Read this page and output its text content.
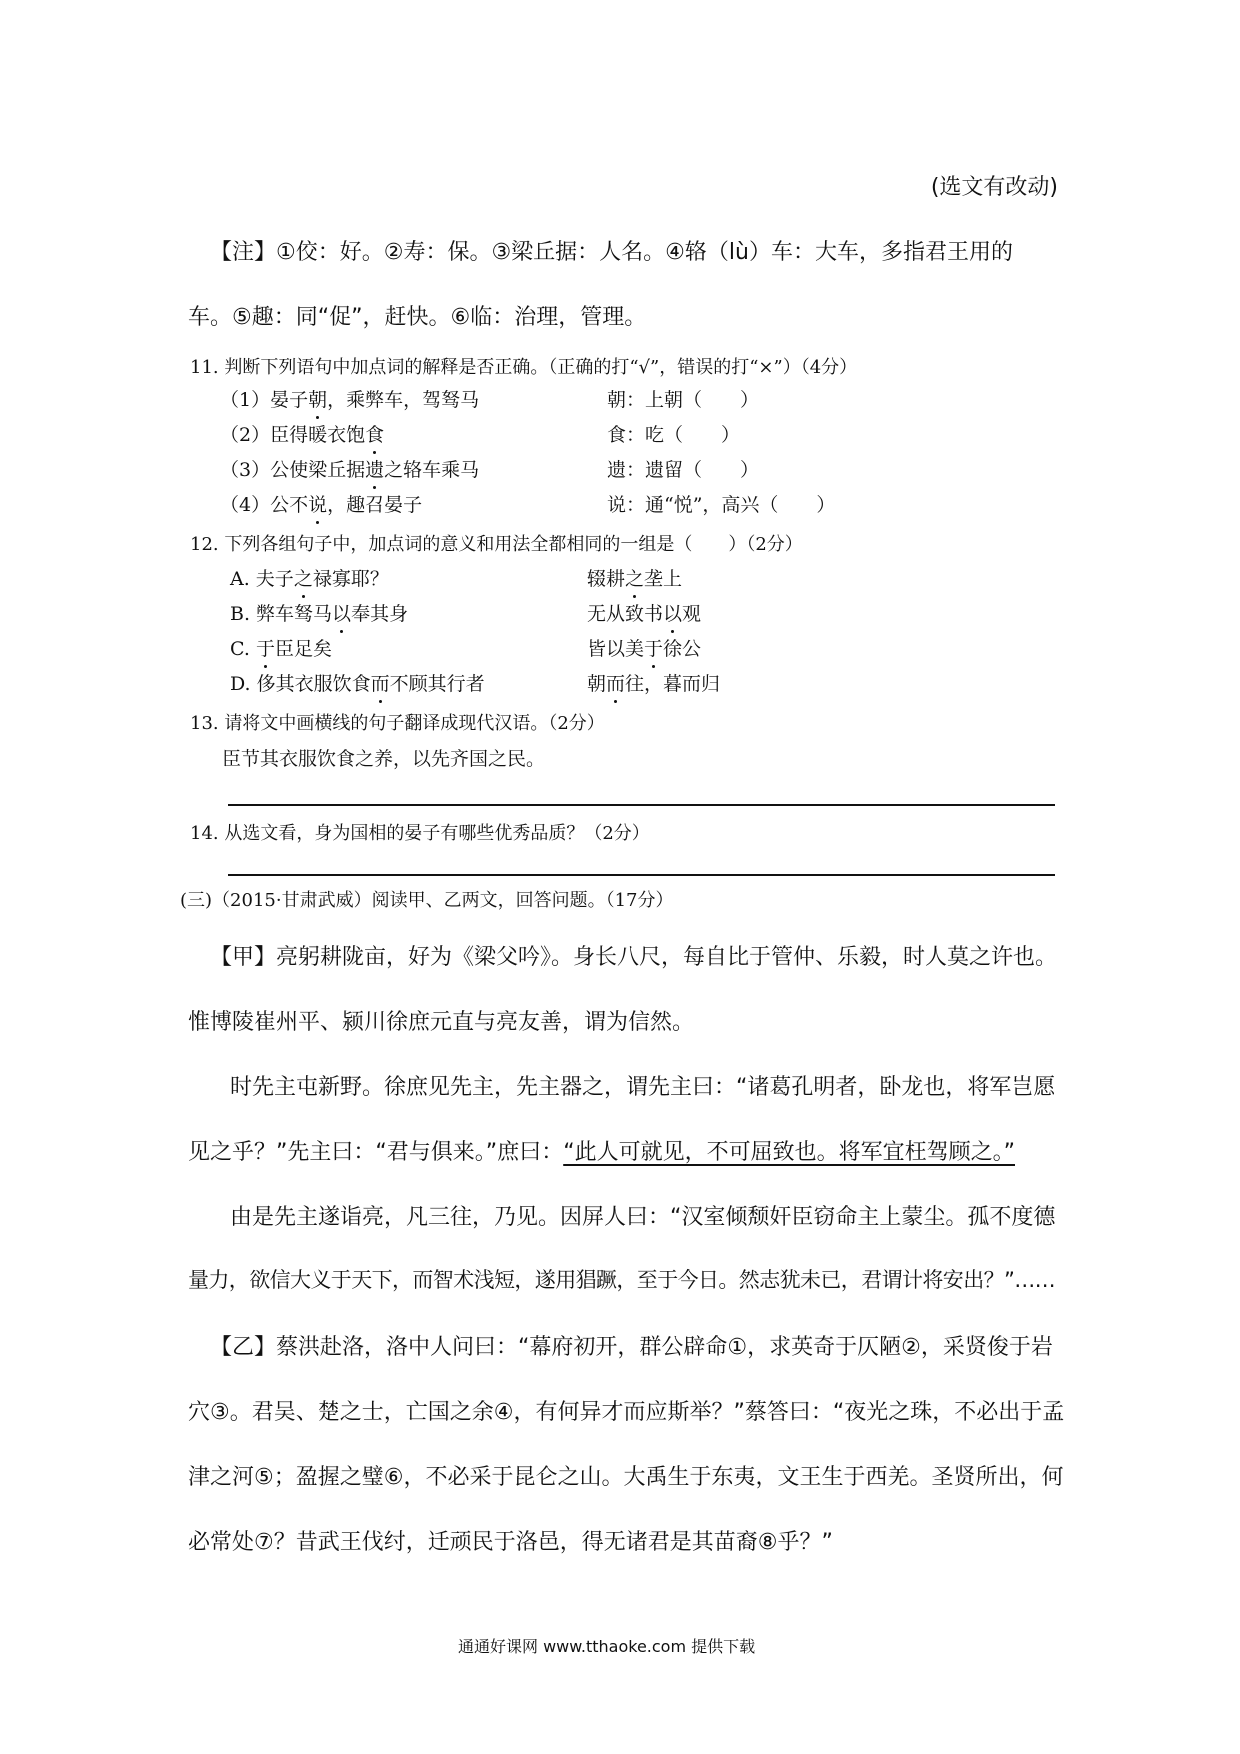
(选文有改动)
【注】①佼：好。②寿：保。③梁丘据：人名。④辂（lù）车：大车，多指君王用的
车。⑤趣：同“促”，赶快。⑥临：治理，管理。
11. 判断下列语句中加点词的解释是否正确。（正确的打“√”，错误的打“×”）（4分）
（1）晏子朝，乘弊车，驾驽马	朝：上朝（　　）
（2）臣得暖衣饱食	食：吃（　　）
（3）公使梁丘据遗之辂车乘马	遗：遗留（　　）
（4）公不说，趣召晏子	说：通“悦”，高兴（　　）
12. 下列各组句子中，加点词的意义和用法全都相同的一组是（　　）（2分）
A. 夫子之禄寡耶？	辍耕之垄上
B. 弊车驽马以奉其身	无从致书以观
C. 于臣足矣	皆以美于徐公
D. 侈其衣服饮食而不顾其行者	朝而往，暮而归
13. 请将文中画横线的句子翻译成现代汉语。（2分）
臣节其衣服饮食之养，以先齐国之民。
14. 从选文看，身为国相的晏子有哪些优秀品质？（2分）
(三)（2015·甘肃武威）阅读甲、乙两文，回答问题。（17分）
【甲】亮躬耕陇亩，好为《梁父吟》。身长八尺，每自比于管仲、乐毅，时人莫之许也。
惟博陵崔州平、颍川徐庶元直与亮友善，谓为信然。
时先主屯新野。徐庶见先主，先主器之，谓先主曰：“诸葛孔明者，卧龙也，将军岂愿
见之乎？”先主曰：“君与俱来。”庶曰：“此人可就见，不可屈致也。将军宜枉驾顾之。”
由是先主遂诣亮，凡三往，乃见。因屏人曰：“汉室倾颓奸臣窃命主上蒙尘。孤不度德
量力，欲信大义于天下，而智术浅短，遂用猖蹶，至于今日。然志犹未已，君谓计将安出？”……
【乙】蔡洪赴洛，洛中人问曰：“幕府初开，群公辟命①，求英奇于仄陋②，采贤俊于岩
穴③。君吴、楚之士，亡国之余④，有何异才而应斯举？”蔡答曰：“夜光之珠，不必出于孟
津之河⑤；盈握之璧⑥，不必采于昆仑之山。大禹生于东夷，文王生于西羌。圣贤所出，何
必常处⑦？昔武王伐纣，迁顽民于洛邑，得无诸君是其苗裔⑧乎？”
通通好课网 www.tthaoke.com 提供下载
